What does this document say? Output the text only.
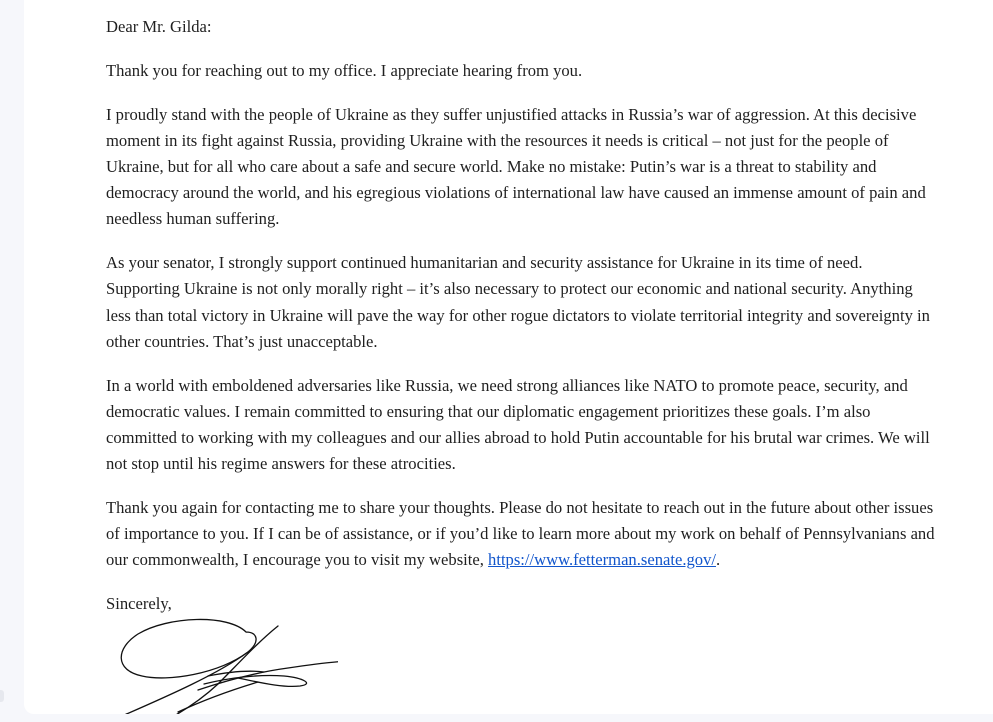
Dear Mr. Gilda:

Thank you for reaching out to my office. I appreciate hearing from you.

I proudly stand with the people of Ukraine as they suffer unjustified attacks in Russia’s war of aggression. At this decisive moment in its fight against Russia, providing Ukraine with the resources it needs is critical – not just for the people of Ukraine, but for all who care about a safe and secure world. Make no mistake: Putin’s war is a threat to stability and democracy around the world, and his egregious violations of international law have caused an immense amount of pain and needless human suffering.

As your senator, I strongly support continued humanitarian and security assistance for Ukraine in its time of need. Supporting Ukraine is not only morally right – it’s also necessary to protect our economic and national security. Anything less than total victory in Ukraine will pave the way for other rogue dictators to violate territorial integrity and sovereignty in other countries. That’s just unacceptable.

In a world with emboldened adversaries like Russia, we need strong alliances like NATO to promote peace, security, and democratic values. I remain committed to ensuring that our diplomatic engagement prioritizes these goals. I’m also committed to working with my colleagues and our allies abroad to hold Putin accountable for his brutal war crimes. We will not stop until his regime answers for these atrocities.

Thank you again for contacting me to share your thoughts. Please do not hesitate to reach out in the future about other issues of importance to you. If I can be of assistance, or if you’d like to learn more about my work on behalf of Pennsylvanians and our commonwealth, I encourage you to visit my website, https://www.fetterman.senate.gov/.

Sincerely,
